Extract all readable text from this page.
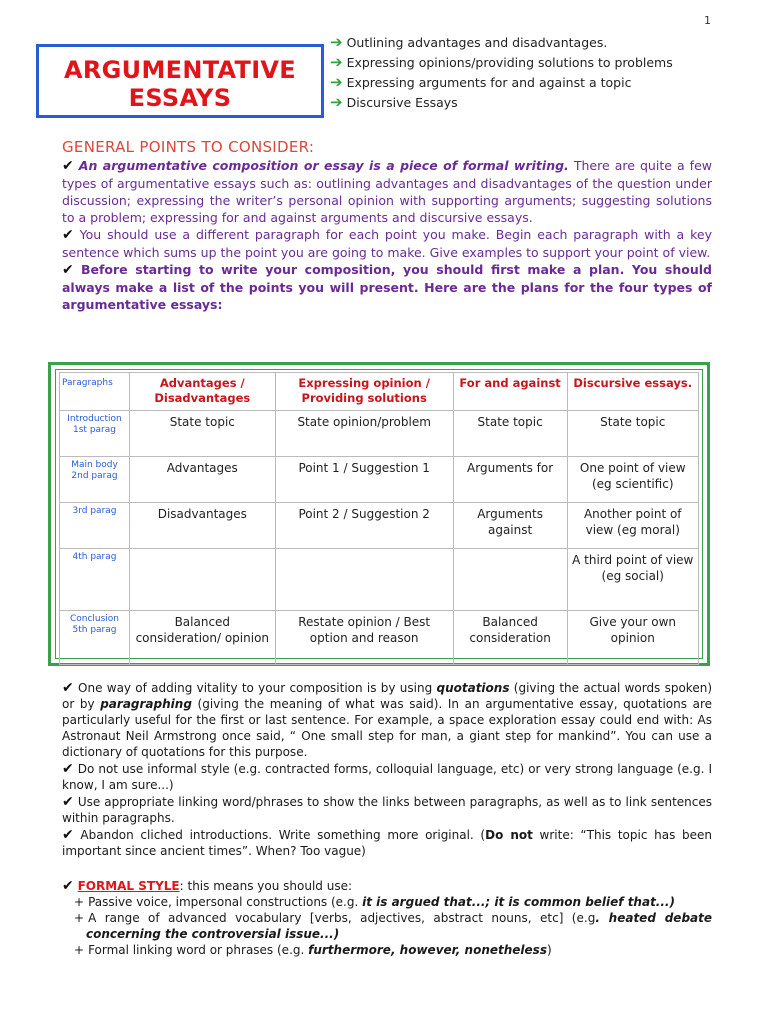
1
ARGUMENTATIVE
ESSAYS
➔ Outlining advantages and disadvantages.
➔ Expressing opinions/providing solutions to problems
➔ Expressing arguments for and against a topic
➔ Discursive Essays
GENERAL POINTS TO CONSIDER:

✔ An argumentative composition or essay is a piece of formal writing. There are quite a few types of argumentative essays such as: outlining advantages and disadvantages of the question under discussion; expressing the writer’s personal opinion with supporting arguments; suggesting solutions to a problem; expressing for and against arguments and discursive essays.

✔ You should use a different paragraph for each point you make. Begin each paragraph with a key sentence which sums up the point you are going to make. Give examples to support your point of view.

✔ Before starting to write your composition, you should first make a plan. You should always make a list of the points you will present. Here are the plans for the four types of argumentative essays:

Paragraphs	Advantages / Disadvantages	Expressing opinion / Providing solutions	For and against	Discursive essays.
Introduction 1st parag	State topic	State opinion/problem	State topic	State topic
Main body 2nd parag	Advantages	Point 1 / Suggestion 1	Arguments for	One point of view (eg scientific)
3rd parag	Disadvantages	Point 2 / Suggestion 2	Arguments against	Another point of view (eg moral)
4th parag				A third point of view (eg social)
Conclusion 5th parag	Balanced consideration/ opinion	Restate opinion / Best option and reason	Balanced consideration	Give your own opinion

✔ One way of adding vitality to your composition is by using quotations (giving the actual words spoken) or by paragraphing (giving the meaning of what was said). In an argumentative essay, quotations are particularly useful for the first or last sentence. For example, a space exploration essay could end with: As Astronaut Neil Armstrong once said, “ One small step for man, a giant step for mankind”. You can use a dictionary of quotations for this purpose.

✔ Do not use informal style (e.g. contracted forms, colloquial language, etc) or very strong language (e.g. I know, I am sure...)

✔ Use appropriate linking word/phrases to show the links between paragraphs, as well as to link sentences within paragraphs.

✔ Abandon cliched introductions. Write something more original. (Do not write: “This topic has been important since ancient times”. When? Too vague)

✔ FORMAL STYLE: this means you should use:

+ Passive voice, impersonal constructions (e.g. it is argued that...; it is common belief that...)
+ A range of advanced vocabulary [verbs, adjectives, abstract nouns, etc] (e.g. heated debate concerning the controversial issue...)
+ Formal linking word or phrases (e.g. furthermore, however, nonetheless)
